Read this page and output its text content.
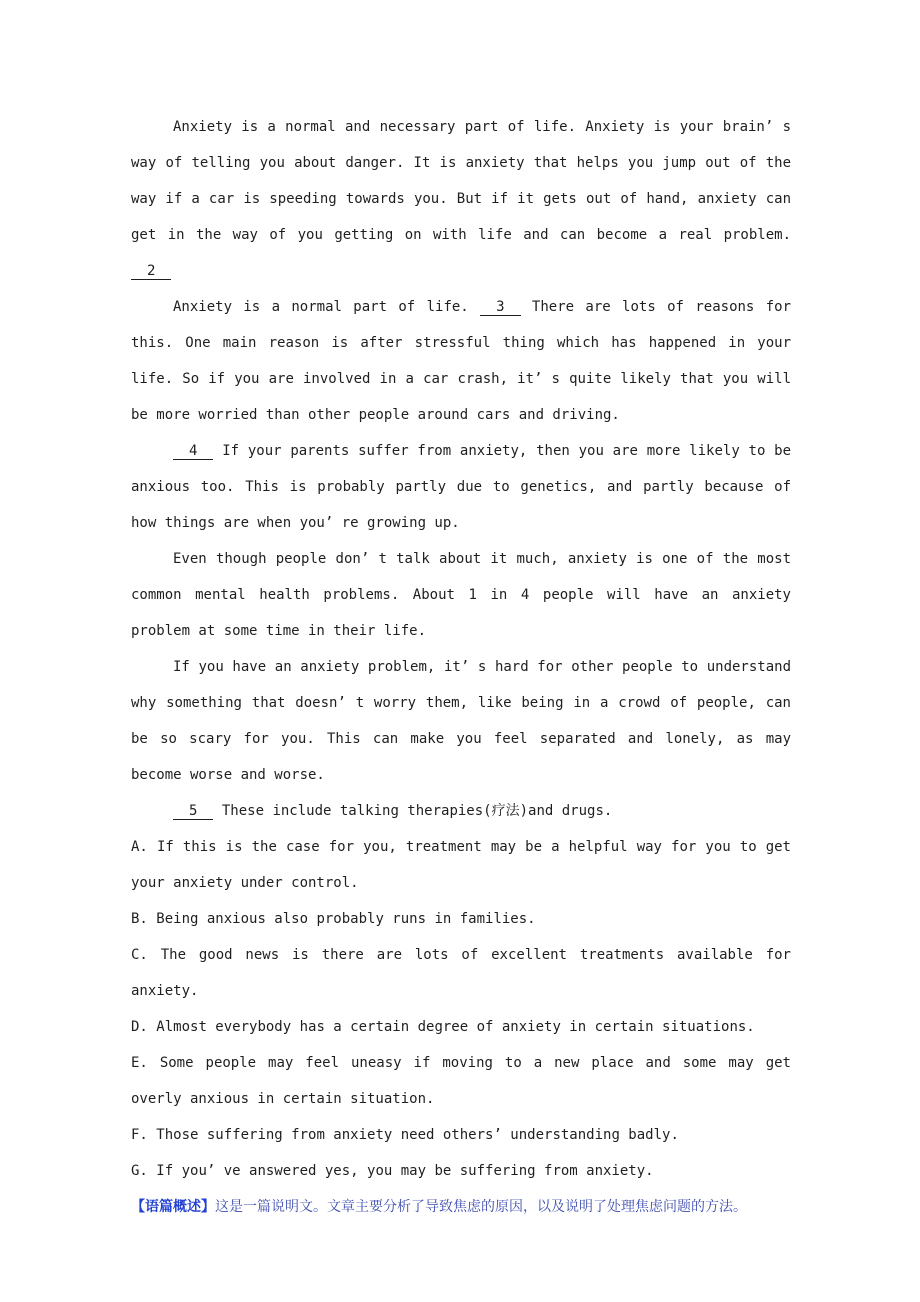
Anxiety is a normal and necessary part of life. Anxiety is your brain’ s way of telling you about danger. It is anxiety that helps you jump out of the way if a car is speeding towards you. But if it gets out of hand, anxiety can get in the way of you getting on with life and can become a real problem. 2

Anxiety is a normal part of life. 3 There are lots of reasons for this. One main reason is after stressful thing which has happened in your life. So if you are involved in a car crash, it’ s quite likely that you will be more worried than other people around cars and driving.

4 If your parents suffer from anxiety, then you are more likely to be anxious too. This is probably partly due to genetics, and partly because of how things are when you’ re growing up.

Even though people don’ t talk about it much, anxiety is one of the most common mental health problems. About 1 in 4 people will have an anxiety problem at some time in their life.

If you have an anxiety problem, it’ s hard for other people to understand why something that doesn’ t worry them, like being in a crowd of people, can be so scary for you. This can make you feel separated and lonely, as may become worse and worse.

5 These include talking therapies(疗法)and drugs.

A. If this is the case for you, treatment may be a helpful way for you to get your anxiety under control.

B. Being anxious also probably runs in families.

C. The good news is there are lots of excellent treatments available for anxiety.

D. Almost everybody has a certain degree of anxiety in certain situations.

E. Some people may feel uneasy if moving to a new place and some may get overly anxious in certain situation.

F. Those suffering from anxiety need others’ understanding badly.

G. If you’ ve answered yes, you may be suffering from anxiety.

【语篇概述】这是一篇说明文。文章主要分析了导致焦虑的原因，以及说明了处理焦虑问题的方法。
